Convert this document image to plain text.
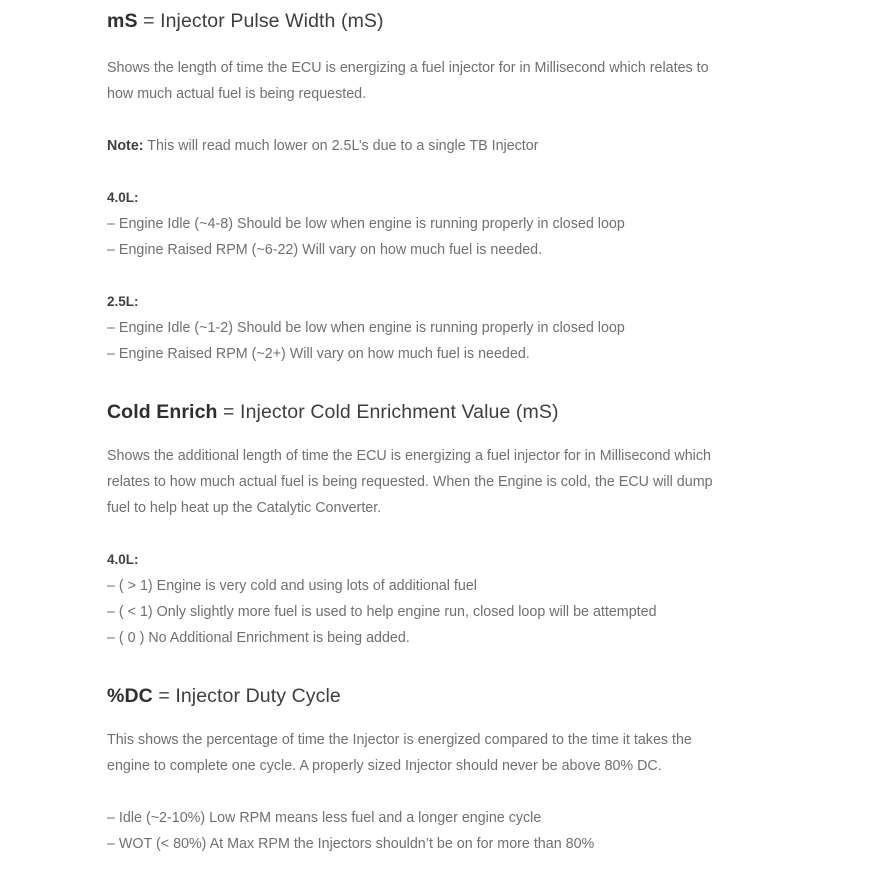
mS = Injector Pulse Width (mS)

Shows the length of time the ECU is energizing a fuel injector for in Millisecond which relates to how much actual fuel is being requested.

Note: This will read much lower on 2.5L’s due to a single TB Injector

4.0L:
– Engine Idle (~4-8) Should be low when engine is running properly in closed loop
– Engine Raised RPM (~6-22) Will vary on how much fuel is needed.
2.5L:
– Engine Idle (~1-2) Should be low when engine is running properly in closed loop
– Engine Raised RPM (~2+) Will vary on how much fuel is needed.
Cold Enrich = Injector Cold Enrichment Value (mS)

Shows the additional length of time the ECU is energizing a fuel injector for in Millisecond which relates to how much actual fuel is being requested. When the Engine is cold, the ECU will dump fuel to help heat up the Catalytic Converter.

4.0L:
– ( > 1) Engine is very cold and using lots of additional fuel
– ( < 1) Only slightly more fuel is used to help engine run, closed loop will be attempted
– ( 0 ) No Additional Enrichment is being added.
%DC = Injector Duty Cycle

This shows the percentage of time the Injector is energized compared to the time it takes the engine to complete one cycle. A properly sized Injector should never be above 80% DC.

– Idle (~2-10%) Low RPM means less fuel and a longer engine cycle
– WOT (< 80%) At Max RPM the Injectors shouldn’t be on for more than 80%
